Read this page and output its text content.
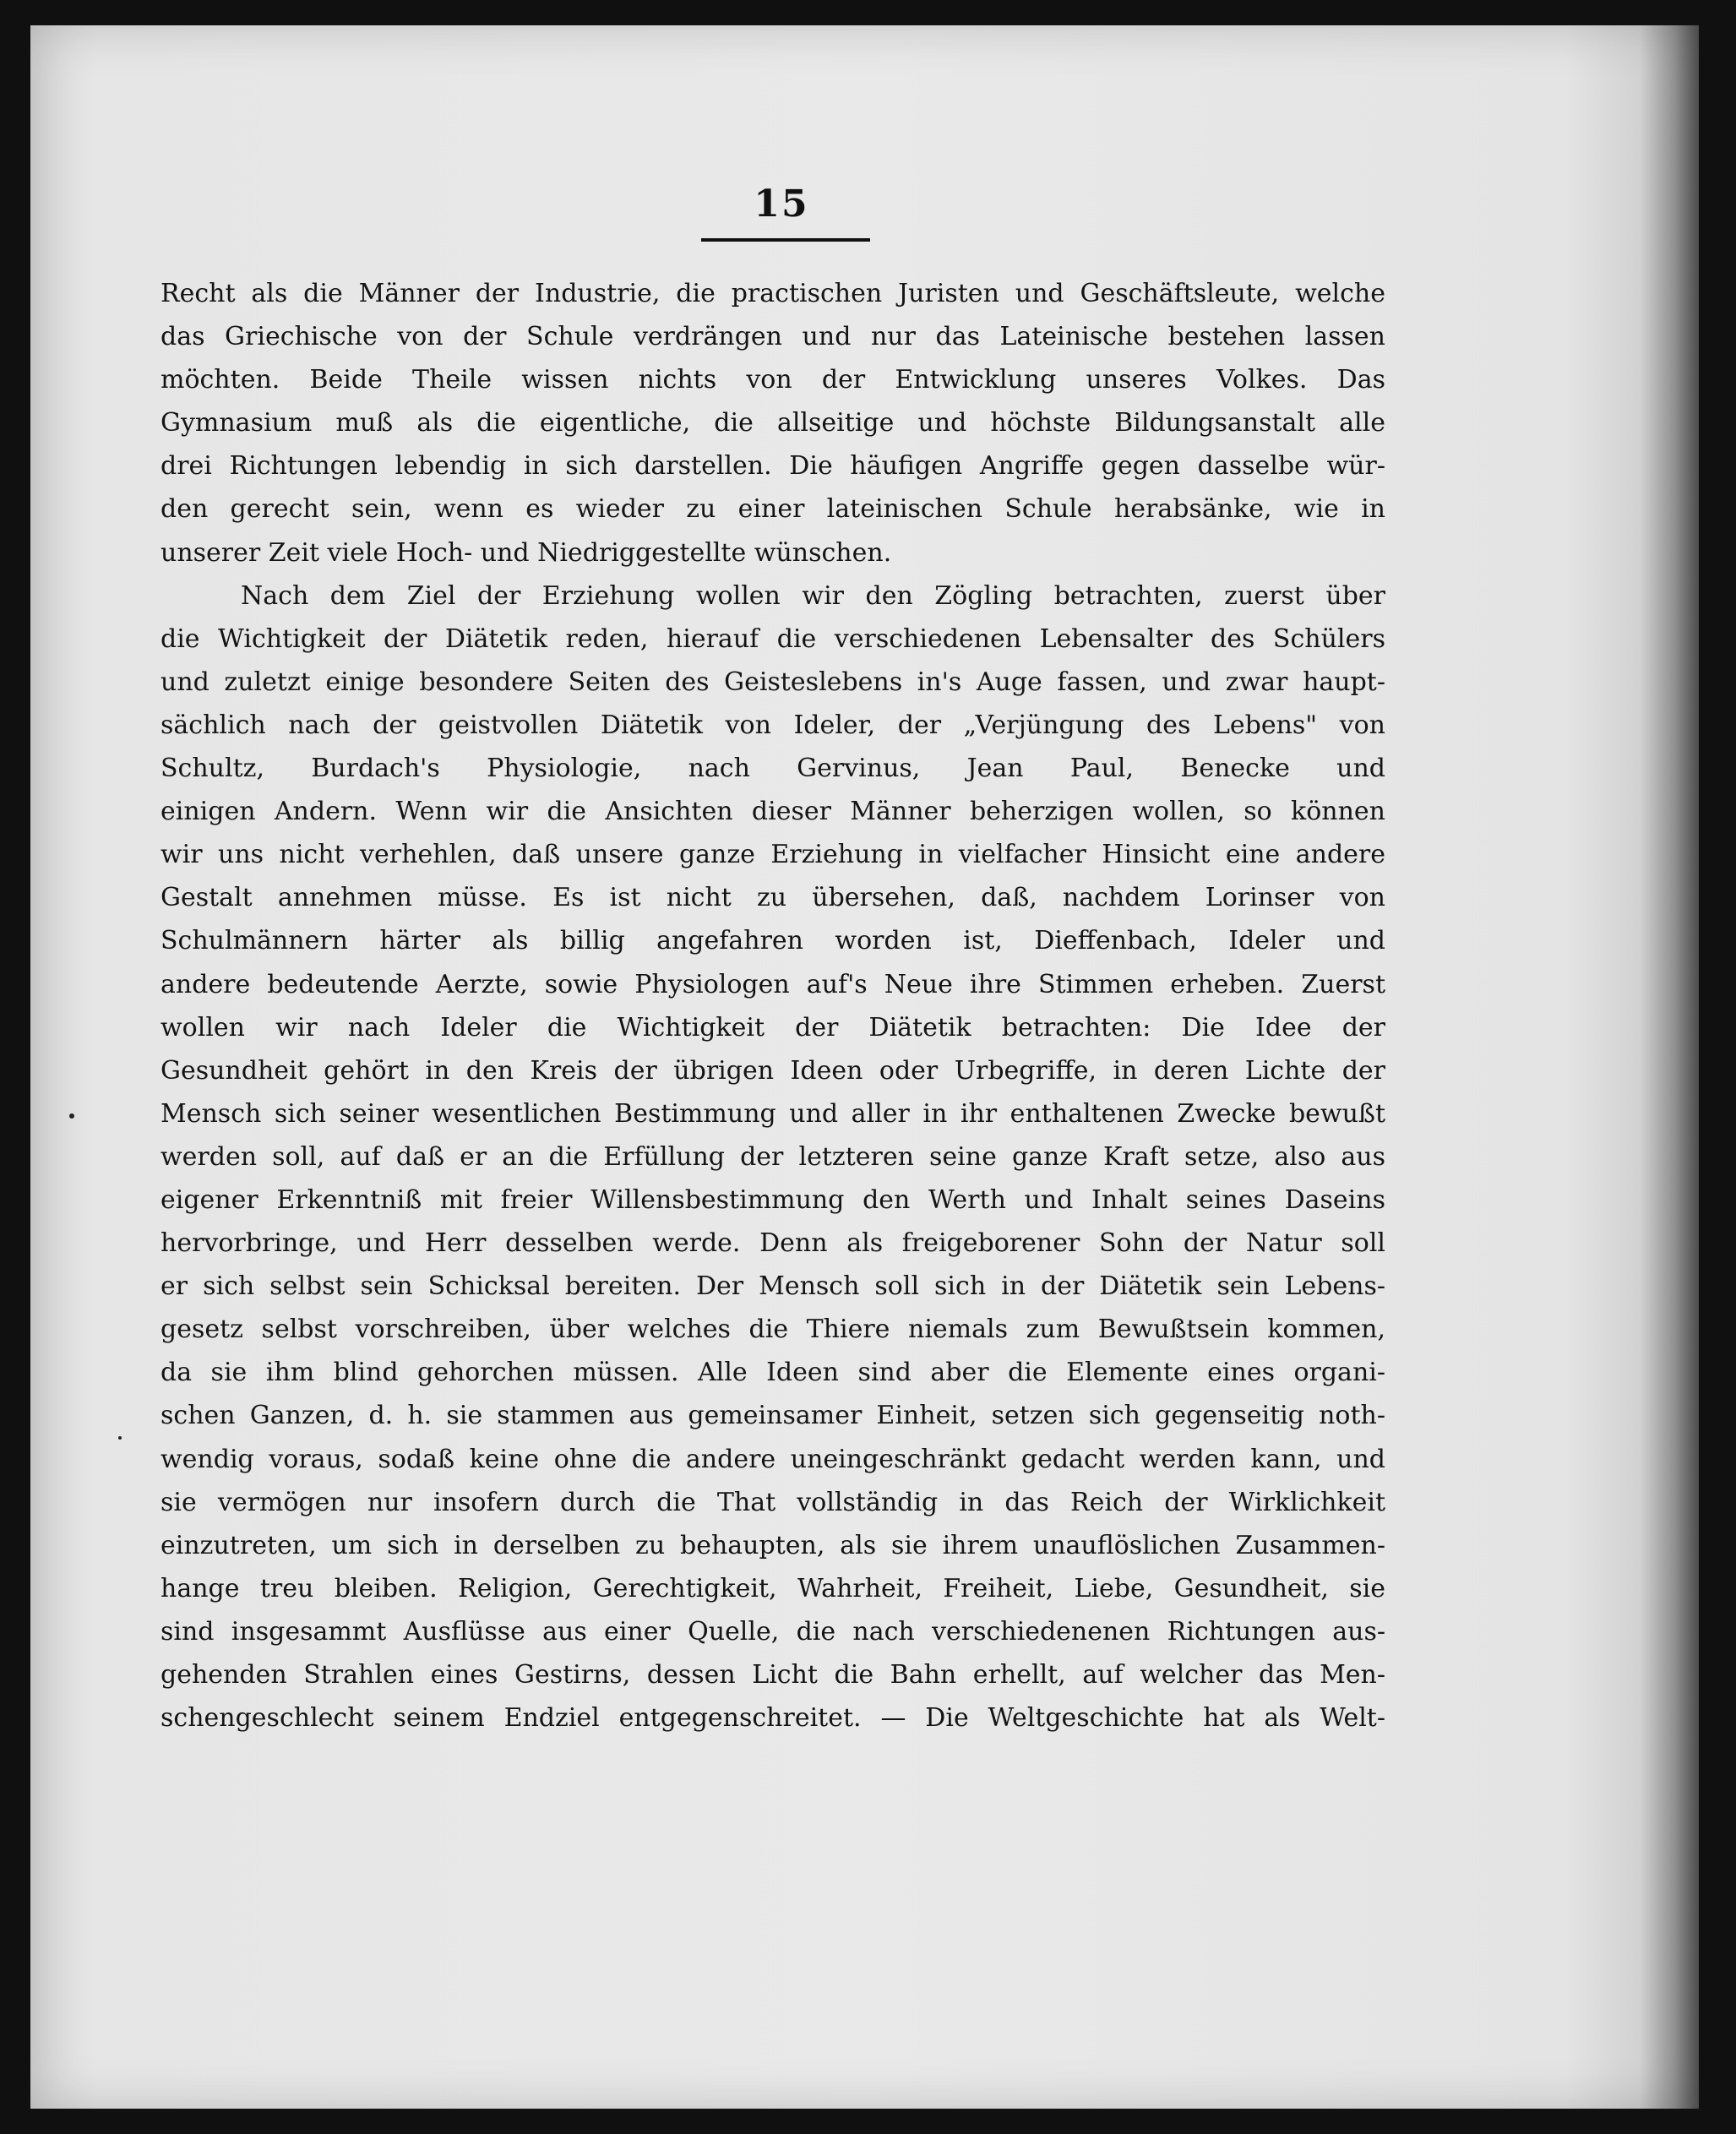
15
Recht als die Männer der Industrie, die practischen Juristen und Geschäftsleute, welche
das Griechische von der Schule verdrängen und nur das Lateinische bestehen lassen
möchten. Beide Theile wissen nichts von der Entwicklung unseres Volkes. Das
Gymnasium muß als die eigentliche, die allseitige und höchste Bildungsanstalt alle
drei Richtungen lebendig in sich darstellen. Die häufigen Angriffe gegen dasselbe wür-
den gerecht sein, wenn es wieder zu einer lateinischen Schule herabsänke, wie in
unserer Zeit viele Hoch- und Niedriggestellte wünschen.
Nach dem Ziel der Erziehung wollen wir den Zögling betrachten, zuerst über
die Wichtigkeit der Diätetik reden, hierauf die verschiedenen Lebensalter des Schülers
und zuletzt einige besondere Seiten des Geisteslebens in's Auge fassen, und zwar haupt-
sächlich nach der geistvollen Diätetik von Ideler, der „Verjüngung des Lebens" von
Schultz, Burdach's Physiologie, nach Gervinus, Jean Paul, Benecke und
einigen Andern. Wenn wir die Ansichten dieser Männer beherzigen wollen, so können
wir uns nicht verhehlen, daß unsere ganze Erziehung in vielfacher Hinsicht eine andere
Gestalt annehmen müsse. Es ist nicht zu übersehen, daß, nachdem Lorinser von
Schulmännern härter als billig angefahren worden ist, Dieffenbach, Ideler und
andere bedeutende Aerzte, sowie Physiologen auf's Neue ihre Stimmen erheben. Zuerst
wollen wir nach Ideler die Wichtigkeit der Diätetik betrachten: Die Idee der
Gesundheit gehört in den Kreis der übrigen Ideen oder Urbegriffe, in deren Lichte der
Mensch sich seiner wesentlichen Bestimmung und aller in ihr enthaltenen Zwecke bewußt
werden soll, auf daß er an die Erfüllung der letzteren seine ganze Kraft setze, also aus
eigener Erkenntniß mit freier Willensbestimmung den Werth und Inhalt seines Daseins
hervorbringe, und Herr desselben werde. Denn als freigeborener Sohn der Natur soll
er sich selbst sein Schicksal bereiten. Der Mensch soll sich in der Diätetik sein Lebens-
gesetz selbst vorschreiben, über welches die Thiere niemals zum Bewußtsein kommen,
da sie ihm blind gehorchen müssen. Alle Ideen sind aber die Elemente eines organi-
schen Ganzen, d. h. sie stammen aus gemeinsamer Einheit, setzen sich gegenseitig noth-
wendig voraus, sodaß keine ohne die andere uneingeschränkt gedacht werden kann, und
sie vermögen nur insofern durch die That vollständig in das Reich der Wirklichkeit
einzutreten, um sich in derselben zu behaupten, als sie ihrem unauflöslichen Zusammen-
hange treu bleiben. Religion, Gerechtigkeit, Wahrheit, Freiheit, Liebe, Gesundheit, sie
sind insgesammt Ausflüsse aus einer Quelle, die nach verschiedenenen Richtungen aus-
gehenden Strahlen eines Gestirns, dessen Licht die Bahn erhellt, auf welcher das Men-
schengeschlecht seinem Endziel entgegenschreitet. — Die Weltgeschichte hat als Welt-
